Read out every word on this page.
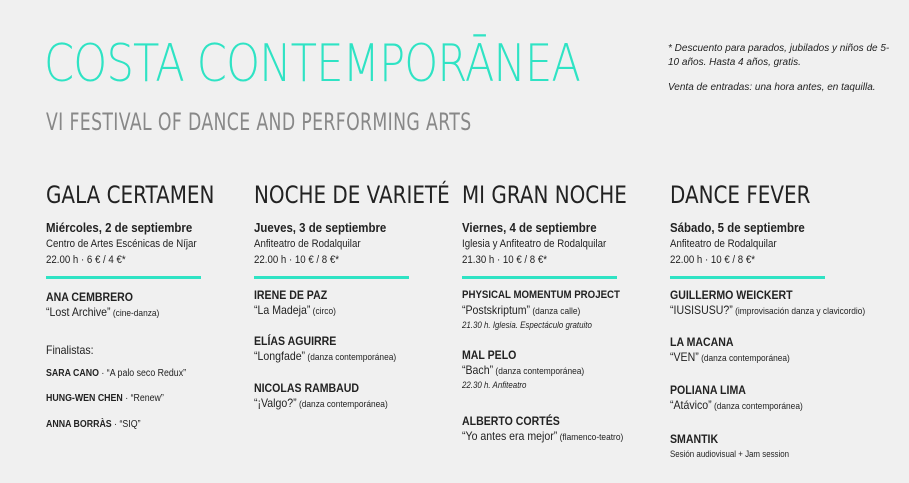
COSTA CONTEMPORĀNEA
VI FESTIVAL OF DANCE AND PERFORMING ARTS

* Descuento para parados, jubilados y niños de 5-10 años. Hasta 4 años, gratis.

Venta de entradas: una hora antes, en taquilla.

GALA CERTAMEN
Miércoles, 2 de septiembre
Centro de Artes Escénicas de Níjar
22.00 h · 6 € / 4 €*
ANA CEMBRERO
“Lost Archive” (cine-danza)
Finalistas:
SARA CANO · “A palo seco Redux”
HUNG-WEN CHEN · “Renew”
ANNA BORRÀS · “SIQ”
NOCHE DE VARIETÉ
Jueves, 3 de septiembre
Anfiteatro de Rodalquilar
22.00 h · 10 € / 8 €*
IRENE DE PAZ
“La Madeja” (circo)
ELÍAS AGUIRRE
“Longfade” (danza contemporánea)
NICOLAS RAMBAUD
“¡Valgo?” (danza contemporánea)
MI GRAN NOCHE
Viernes, 4 de septiembre
Iglesia y Anfiteatro de Rodalquilar
21.30 h · 10 € / 8 €*
PHYSICAL MOMENTUM PROJECT
“Postskriptum” (danza calle)
21.30 h. Iglesia. Espectáculo gratuito
MAL PELO
“Bach” (danza contemporánea)
22.30 h. Anfiteatro
ALBERTO CORTÉS
“Yo antes era mejor” (flamenco-teatro)
DANCE FEVER
Sábado, 5 de septiembre
Anfiteatro de Rodalquilar
22.00 h · 10 € / 8 €*
GUILLERMO WEICKERT
“IUSISUSU?” (improvisación danza y clavicordio)
LA MACANA
“VEN” (danza contemporánea)
POLIANA LIMA
“Atávico” (danza contemporánea)
SMANTIK
Sesión audiovisual + Jam session
